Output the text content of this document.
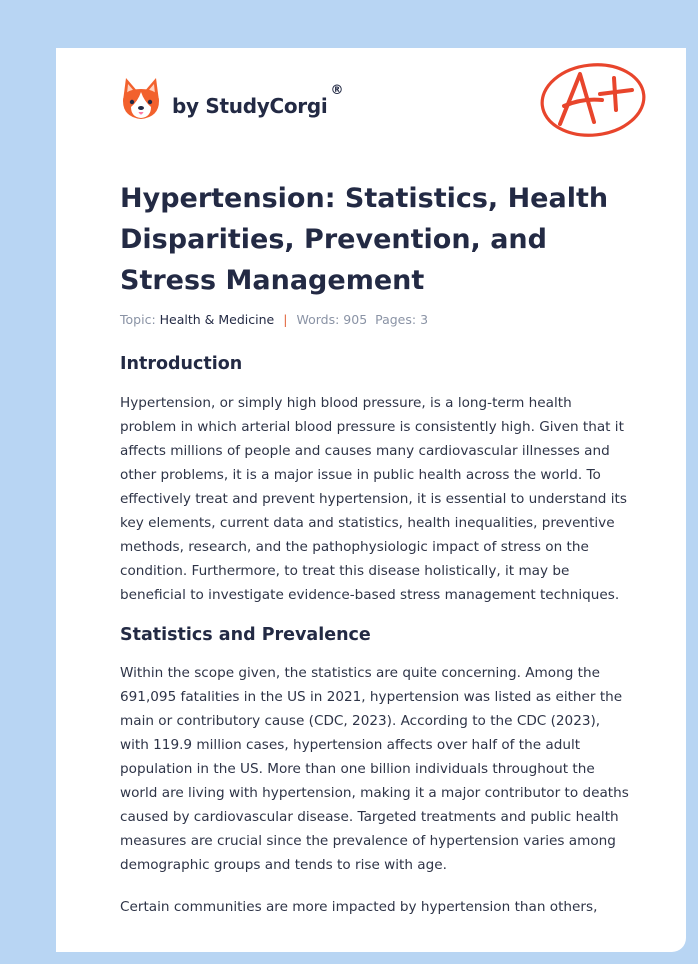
by StudyCorgi
®
Hypertension: Statistics, Health Disparities, Prevention, and Stress Management
Topic: Health & Medicine | Words: 905 Pages: 3
Introduction

Hypertension, or simply high blood pressure, is a long-term health problem in which arterial blood pressure is consistently high. Given that it affects millions of people and causes many cardiovascular illnesses and other problems, it is a major issue in public health across the world. To effectively treat and prevent hypertension, it is essential to understand its key elements, current data and statistics, health inequalities, preventive methods, research, and the pathophysiologic impact of stress on the condition. Furthermore, to treat this disease holistically, it may be beneficial to investigate evidence-based stress management techniques.

Statistics and Prevalence

Within the scope given, the statistics are quite concerning. Among the 691,095 fatalities in the US in 2021, hypertension was listed as either the main or contributory cause (CDC, 2023). According to the CDC (2023), with 119.9 million cases, hypertension affects over half of the adult population in the US. More than one billion individuals throughout the world are living with hypertension, making it a major contributor to deaths caused by cardiovascular disease. Targeted treatments and public health measures are crucial since the prevalence of hypertension varies among demographic groups and tends to rise with age.

Certain communities are more impacted by hypertension than others,
